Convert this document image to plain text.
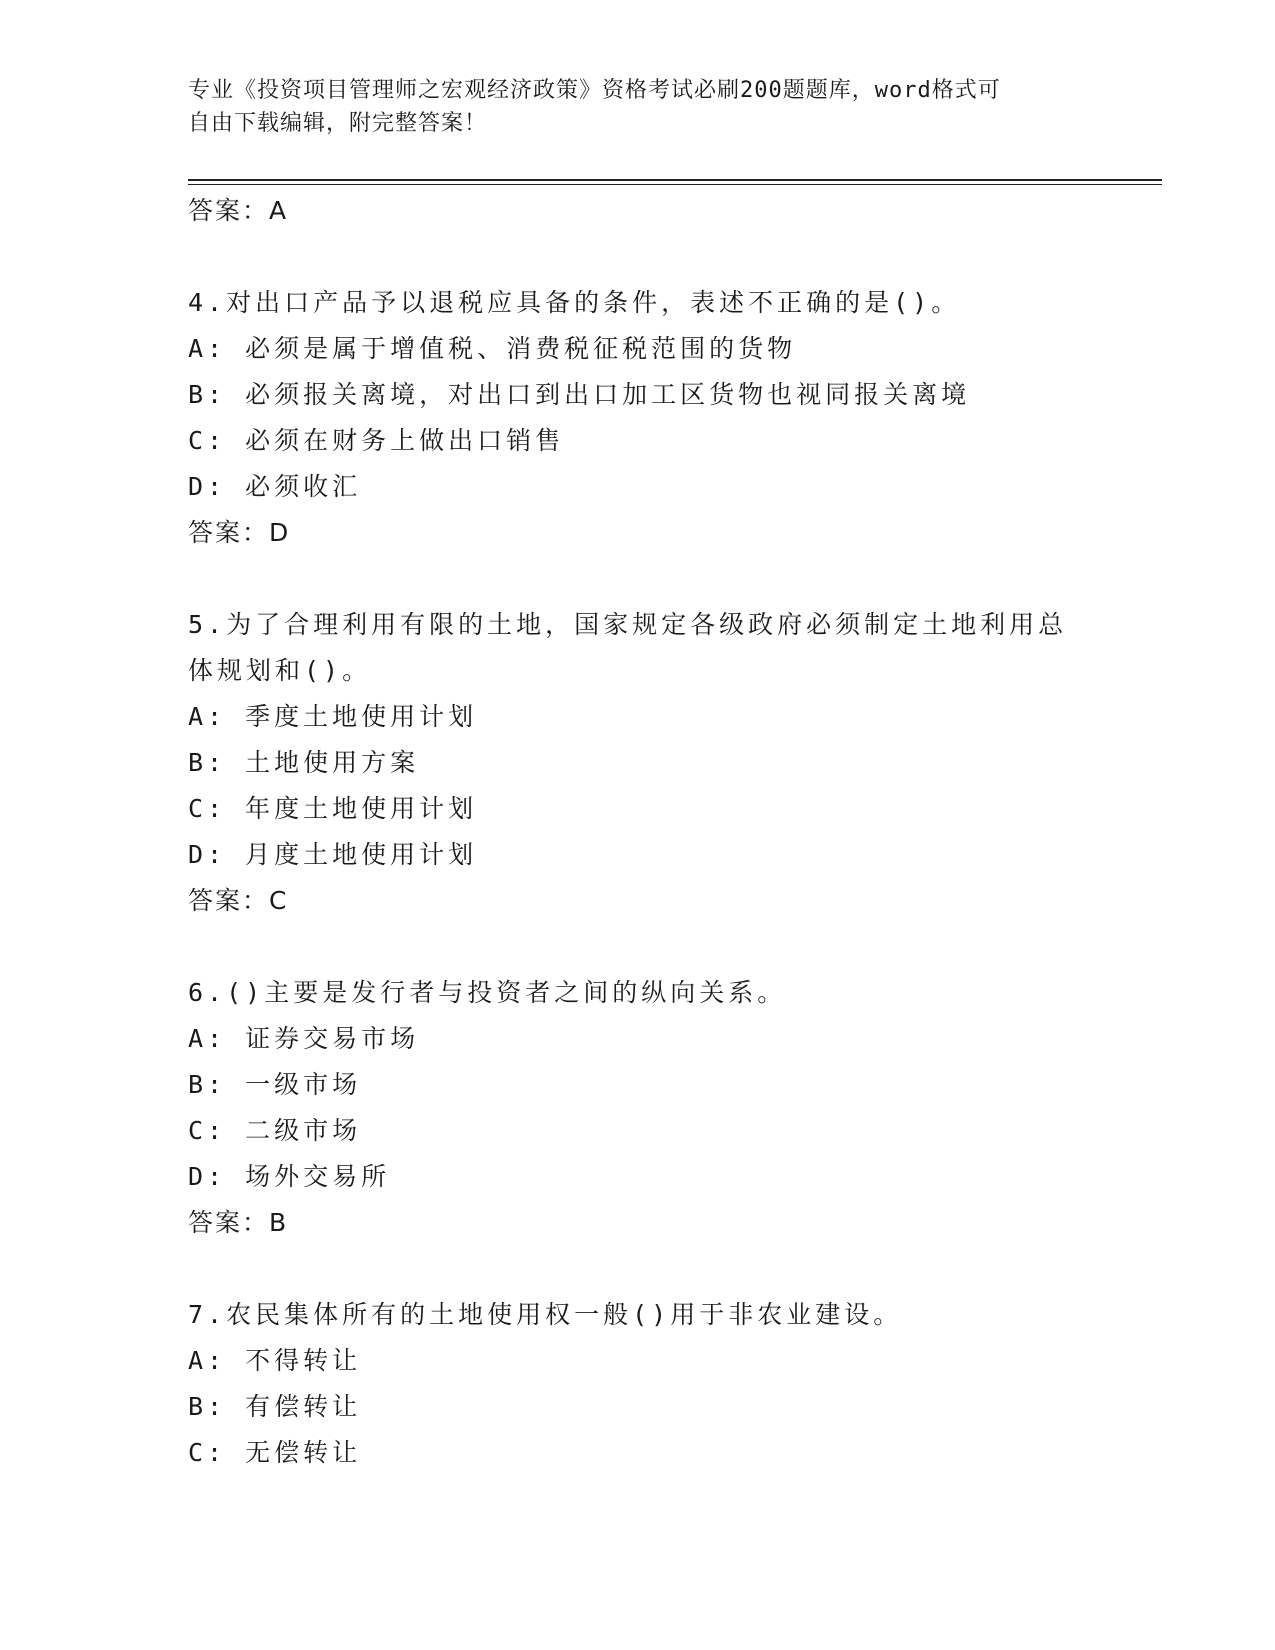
专业《投资项目管理师之宏观经济政策》资格考试必刷200题题库，word格式可
自由下载编辑，附完整答案！
答案：A
4.对出口产品予以退税应具备的条件，表述不正确的是()。
A: 必须是属于增值税、消费税征税范围的货物
B: 必须报关离境，对出口到出口加工区货物也视同报关离境
C: 必须在财务上做出口销售
D: 必须收汇
答案：D
5.为了合理利用有限的土地，国家规定各级政府必须制定土地利用总
体规划和()。
A: 季度土地使用计划
B: 土地使用方案
C: 年度土地使用计划
D: 月度土地使用计划
答案：C
6.()主要是发行者与投资者之间的纵向关系。
A: 证券交易市场
B: 一级市场
C: 二级市场
D: 场外交易所
答案：B
7.农民集体所有的土地使用权一般()用于非农业建设。
A: 不得转让
B: 有偿转让
C: 无偿转让
